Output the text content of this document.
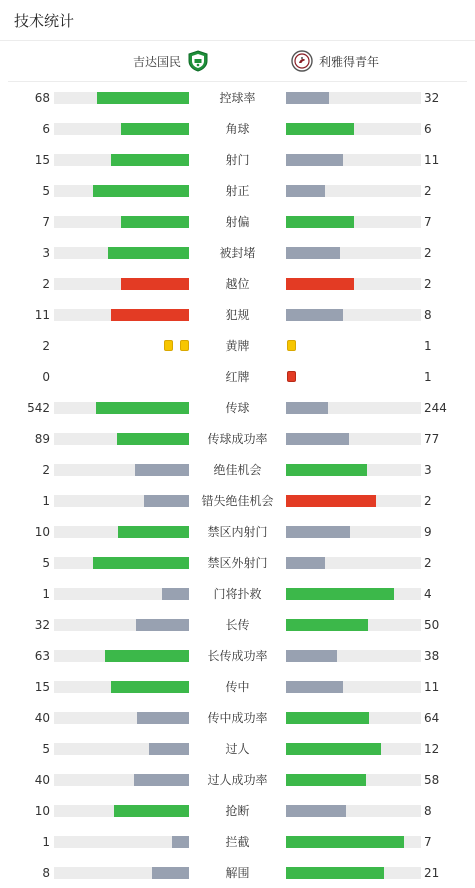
技术统计
吉达国民	利雅得青年
68	控球率	32
6	角球	6
15	射门	11
5	射正	2
7	射偏	7
3	被封堵	2
2	越位	2
11	犯规	8
2	黄牌	1
0	红牌	1
542	传球	244
89	传球成功率	77
2	绝佳机会	3
1	错失绝佳机会	2
10	禁区内射门	9
5	禁区外射门	2
1	门将扑救	4
32	长传	50
63	长传成功率	38
15	传中	11
40	传中成功率	64
5	过人	12
40	过人成功率	58
10	抢断	8
1	拦截	7
8	解围	21
